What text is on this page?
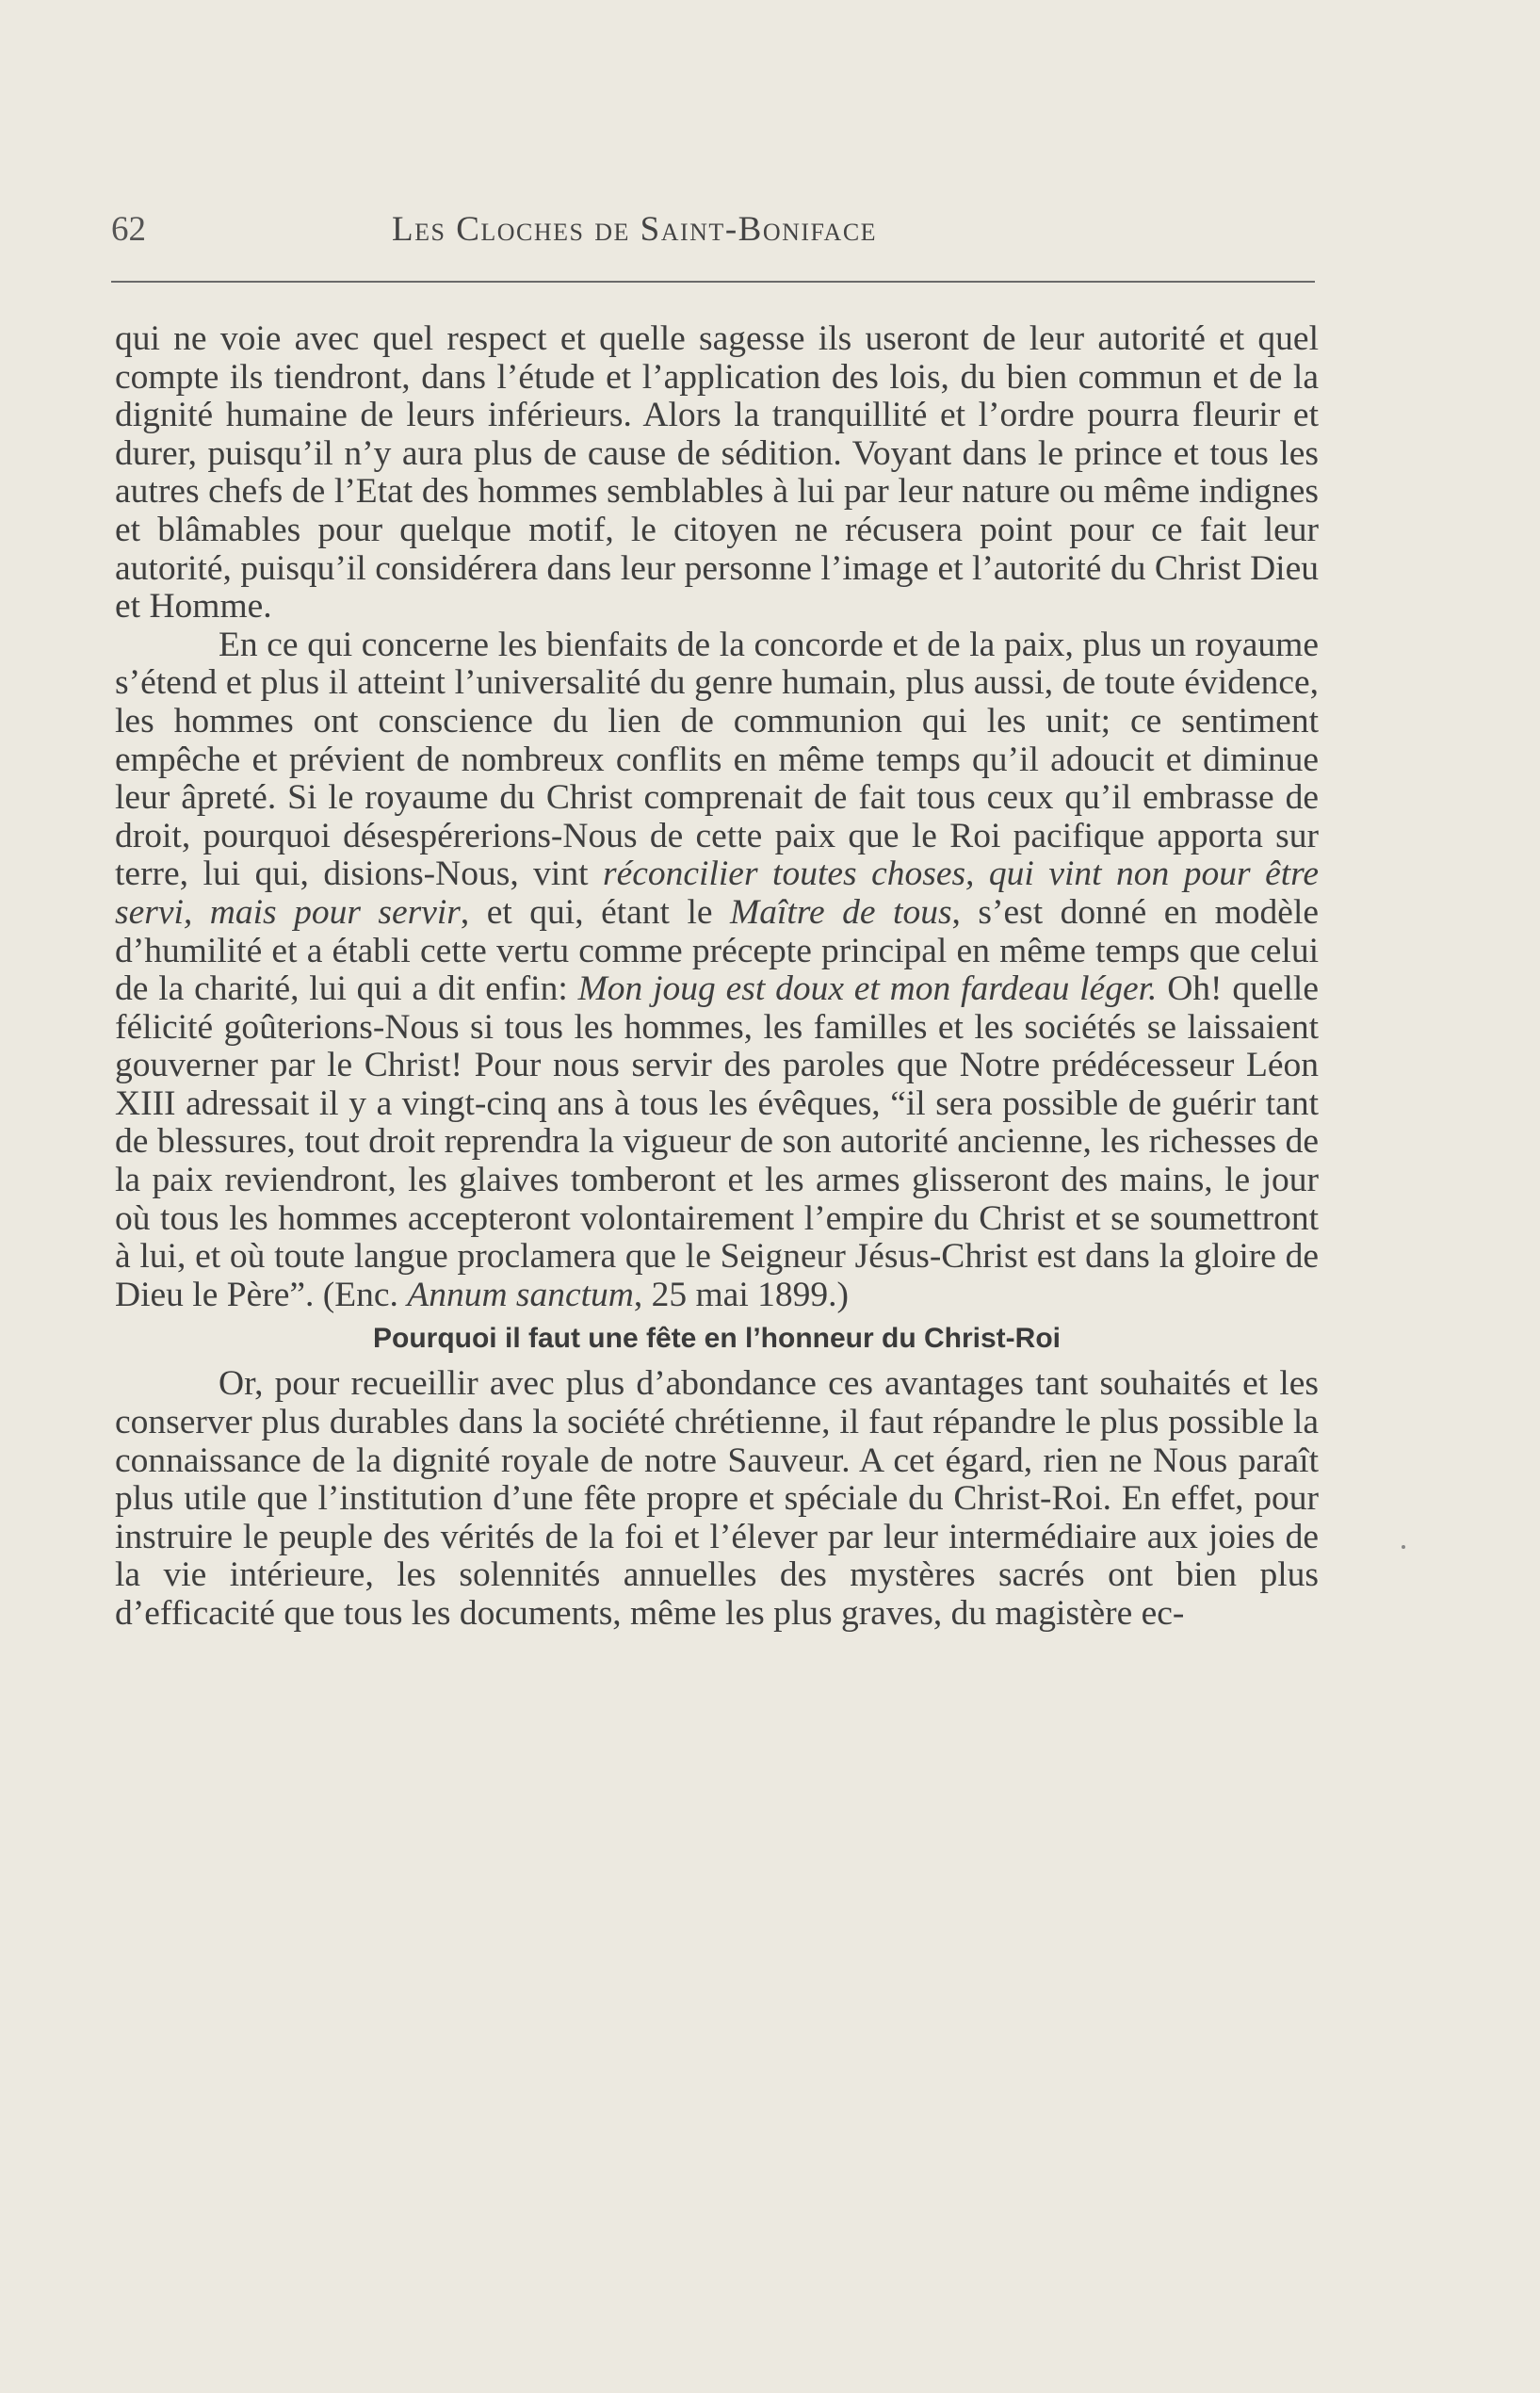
62	Les Cloches de Saint-Boniface

qui ne voie avec quel respect et quelle sagesse ils useront de leur autorité et quel compte ils tiendront, dans l’étude et l’application des lois, du bien commun et de la dignité humaine de leurs inférieurs. Alors la tranquillité et l’ordre pourra fleurir et durer, puisqu’il n’y aura plus de cause de sédition. Voyant dans le prince et tous les autres chefs de l’Etat des hommes semblables à lui par leur nature ou même indignes et blâmables pour quelque motif, le citoyen ne récusera point pour ce fait leur autorité, puisqu’il considérera dans leur personne l’image et l’autorité du Christ Dieu et Homme.

En ce qui concerne les bienfaits de la concorde et de la paix, plus un royaume s’étend et plus il atteint l’universalité du genre humain, plus aussi, de toute évidence, les hommes ont conscience du lien de communion qui les unit; ce sentiment empêche et prévient de nombreux conflits en même temps qu’il adoucit et diminue leur âpreté. Si le royaume du Christ comprenait de fait tous ceux qu’il embrasse de droit, pourquoi désespérerions-Nous de cette paix que le Roi pacifique apporta sur terre, lui qui, disions-Nous, vint réconcilier toutes choses, qui vint non pour être servi, mais pour servir, et qui, étant le Maître de tous, s’est donné en modèle d’humilité et a établi cette vertu comme précepte principal en même temps que celui de la charité, lui qui a dit enfin: Mon joug est doux et mon fardeau léger. Oh! quelle félicité goûterions-Nous si tous les hommes, les familles et les sociétés se laissaient gouverner par le Christ! Pour nous servir des paroles que Notre prédécesseur Léon XIII adressait il y a vingt-cinq ans à tous les évêques, “il sera possible de guérir tant de blessures, tout droit reprendra la vigueur de son autorité ancienne, les richesses de la paix reviendront, les glaives tomberont et les armes glisseront des mains, le jour où tous les hommes accepteront volontairement l’empire du Christ et se soumettront à lui, et où toute langue proclamera que le Seigneur Jésus-Christ est dans la gloire de Dieu le Père”. (Enc. Annum sanctum, 25 mai 1899.)

Pourquoi il faut une fête en l’honneur du Christ-Roi

Or, pour recueillir avec plus d’abondance ces avantages tant souhaités et les conserver plus durables dans la société chrétienne, il faut répandre le plus possible la connaissance de la dignité royale de notre Sauveur. A cet égard, rien ne Nous paraît plus utile que l’institution d’une fête propre et spéciale du Christ-Roi. En effet, pour instruire le peuple des vérités de la foi et l’élever par leur intermédiaire aux joies de la vie intérieure, les solennités annuelles des mystères sacrés ont bien plus d’efficacité que tous les documents, même les plus graves, du magistère ec-
